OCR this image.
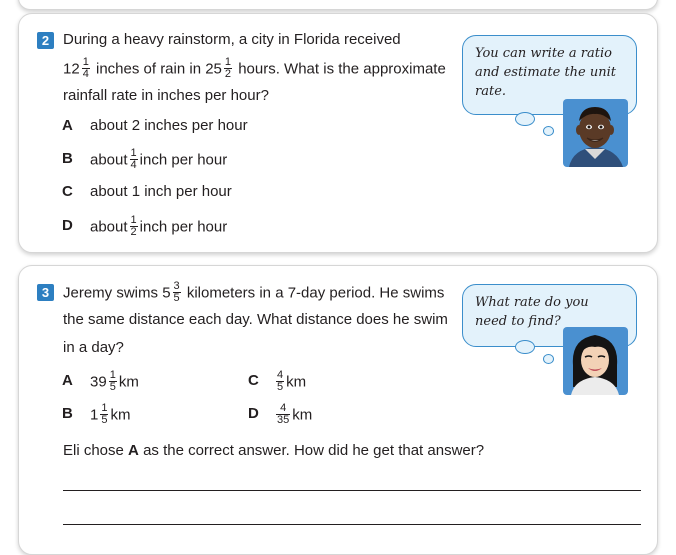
2 During a heavy rainstorm, a city in Florida received
$12 \frac{1}{4}$ inches of rain in $25 \frac{1}{2}$ hours. What is the approximate
rainfall rate in inches per hour?
A about 2 inches per hour
B about $\frac{1}{4}$ inch per hour
C about 1 inch per hour
D about $\frac{1}{2}$ inch per hour
You can write a ratio and estimate the unit rate.
3 Jeremy swims $5 \frac{3}{5}$ kilometers in a 7-day period. He swims
the same distance each day. What distance does he swim
in a day?
A $39 \frac{1}{5}$ km
B $1 \frac{1}{5}$ km
C $\frac{4}{5}$ km
D $\frac{4}{35}$ km
Eli chose A as the correct answer. How did he get that answer?
What rate do you need to find?
